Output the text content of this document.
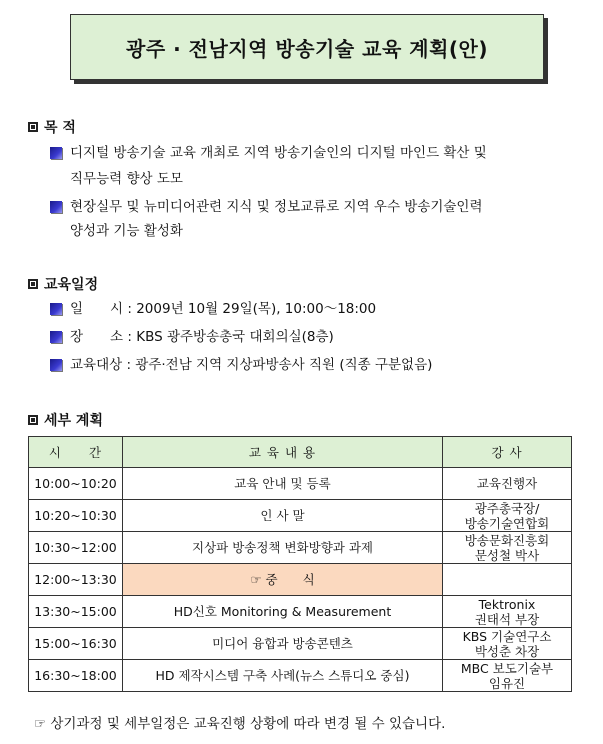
광주 · 전남지역 방송기술 교육 계획(안)
목 적
디지털 방송기술 교육 개최로 지역 방송기술인의 디지털 마인드 확산 및
직무능력 향상 도모
현장실무 및 뉴미디어관련 지식 및 정보교류로 지역 우수 방송기술인력
양성과 기능 활성화
교육일정
일　　시 : 2009년 10월 29일(목), 10:00～18:00
장　　소 : KBS 광주방송총국 대회의실(8층)
교육대상 : 광주·전남 지역 지상파방송사 직원 (직종 구분없음)
세부 계획
시　　간	교 육 내 용	강 사
10:00~10:20	교육 안내 및 등록	교육진행자

10:20~10:30	인 사 말	광주총국장/
방송기술연합회

10:30~12:00	지상파 방송정책 변화방향과 과제	방송문화진흥회
문성철 박사

12:00~13:30	☞ 중　　식	

13:30~15:00	HD신호 Monitoring & Measurement	Tektronix
권태석 부장

15:00~16:30	미디어 융합과 방송콘텐츠	KBS 기술연구소
박성춘 차장

16:30~18:00	HD 제작시스템 구축 사례(뉴스 스튜디오 중심)	MBC 보도기술부
임유진
☞ 상기과정 및 세부일정은 교육진행 상황에 따라 변경 될 수 있습니다.
